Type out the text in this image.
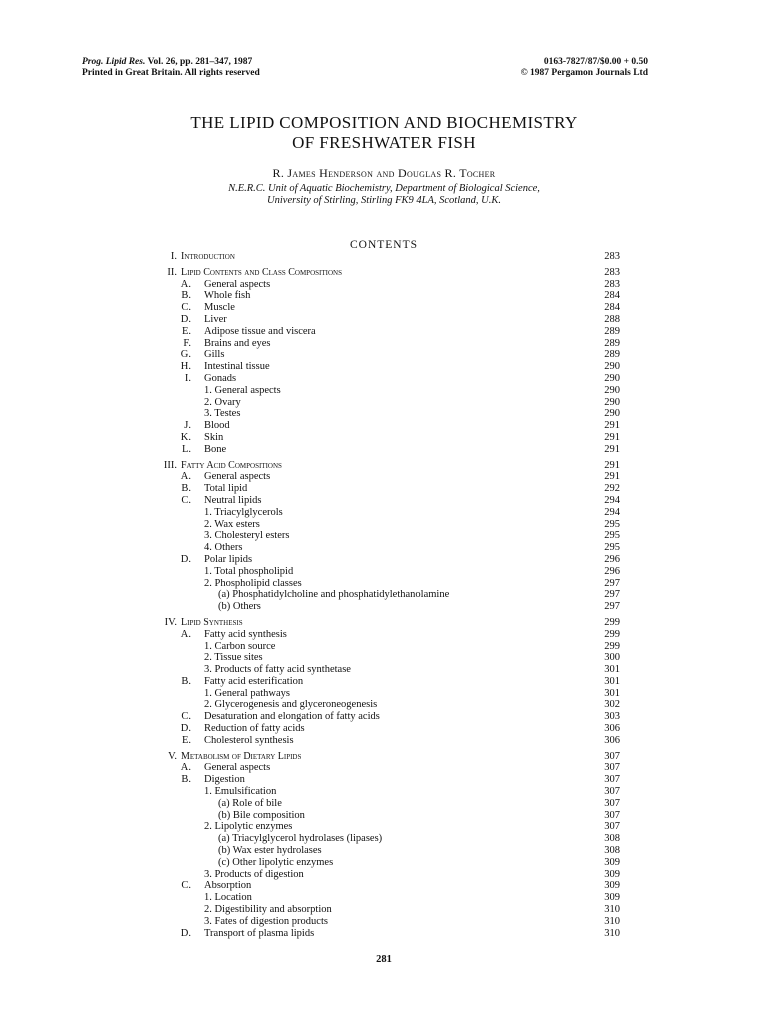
Prog. Lipid Res. Vol. 26, pp. 281–347, 1987
Printed in Great Britain. All rights reserved
0163-7827/87/$0.00 + 0.50
© 1987 Pergamon Journals Ltd
THE LIPID COMPOSITION AND BIOCHEMISTRY
OF FRESHWATER FISH
R. James Henderson and Douglas R. Tocher
N.E.R.C. Unit of Aquatic Biochemistry, Department of Biological Science,
University of Stirling, Stirling FK9 4LA, Scotland, U.K.
CONTENTS
I. Introduction	283
II. Lipid Contents and Class Compositions	283
A. General aspects	283
B. Whole fish	284
C. Muscle	284
D. Liver	288
E. Adipose tissue and viscera	289
F. Brains and eyes	289
G. Gills	289
H. Intestinal tissue	290
I. Gonads	290
1. General aspects	290
2. Ovary	290
3. Testes	290
J. Blood	291
K. Skin	291
L. Bone	291
III. Fatty Acid Compositions	291
A. General aspects	291
B. Total lipid	292
C. Neutral lipids	294
1. Triacylglycerols	294
2. Wax esters	295
3. Cholesteryl esters	295
4. Others	295
D. Polar lipids	296
1. Total phospholipid	296
2. Phospholipid classes	297
(a) Phosphatidylcholine and phosphatidylethanolamine	297
(b) Others	297
IV. Lipid Synthesis	299
A. Fatty acid synthesis	299
1. Carbon source	299
2. Tissue sites	300
3. Products of fatty acid synthetase	301
B. Fatty acid esterification	301
1. General pathways	301
2. Glycerogenesis and glyceroneogenesis	302
C. Desaturation and elongation of fatty acids	303
D. Reduction of fatty acids	306
E. Cholesterol synthesis	306
V. Metabolism of Dietary Lipids	307
A. General aspects	307
B. Digestion	307
1. Emulsification	307
(a) Role of bile	307
(b) Bile composition	307
2. Lipolytic enzymes	307
(a) Triacylglycerol hydrolases (lipases)	308
(b) Wax ester hydrolases	308
(c) Other lipolytic enzymes	309
3. Products of digestion	309
C. Absorption	309
1. Location	309
2. Digestibility and absorption	310
3. Fates of digestion products	310
D. Transport of plasma lipids	310
281
